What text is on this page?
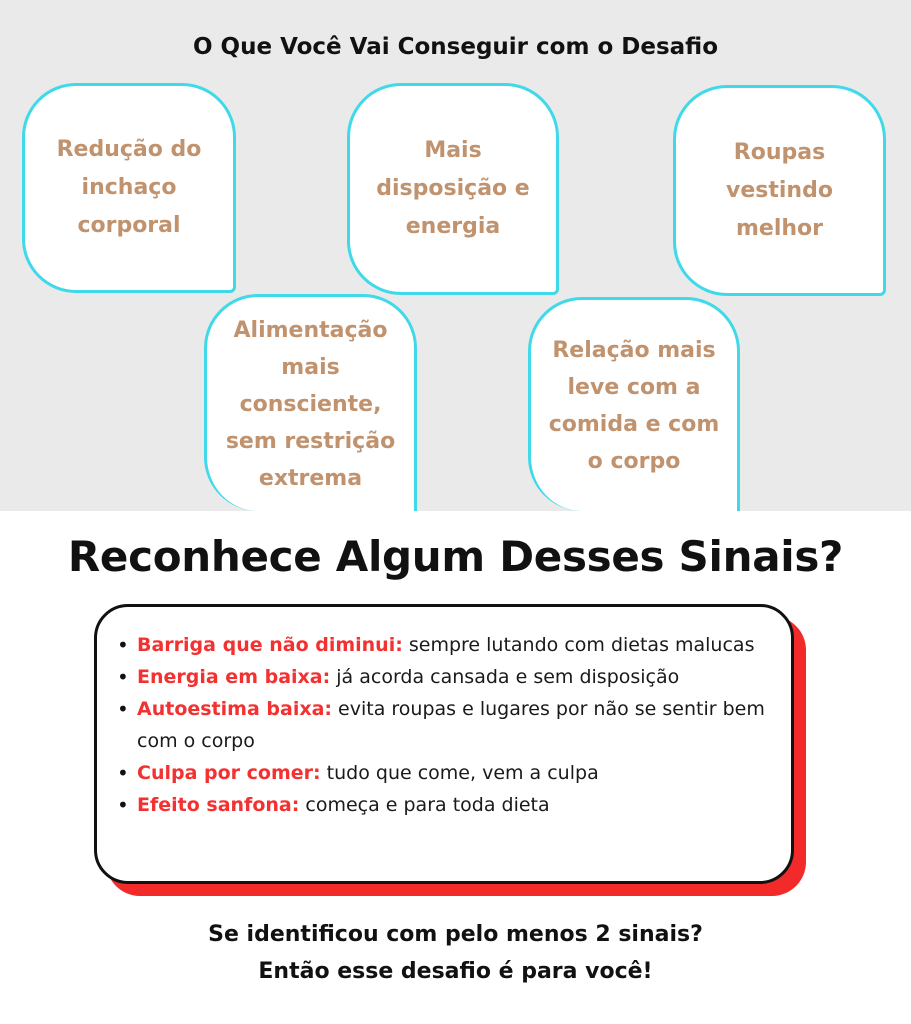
O Que Você Vai Conseguir com o Desafio
Redução do inchaço corporal
Mais disposição e energia
Roupas vestindo melhor
Alimentação mais consciente, sem restrição extrema
Relação mais leve com a comida e com o corpo
Reconhece Algum Desses Sinais?
• Barriga que não diminui: sempre lutando com dietas malucas
• Energia em baixa: já acorda cansada e sem disposição
• Autoestima baixa: evita roupas e lugares por não se sentir bem com o corpo
• Culpa por comer: tudo que come, vem a culpa
• Efeito sanfona: começa e para toda dieta

Se identificou com pelo menos 2 sinais?

Então esse desafio é para você!
